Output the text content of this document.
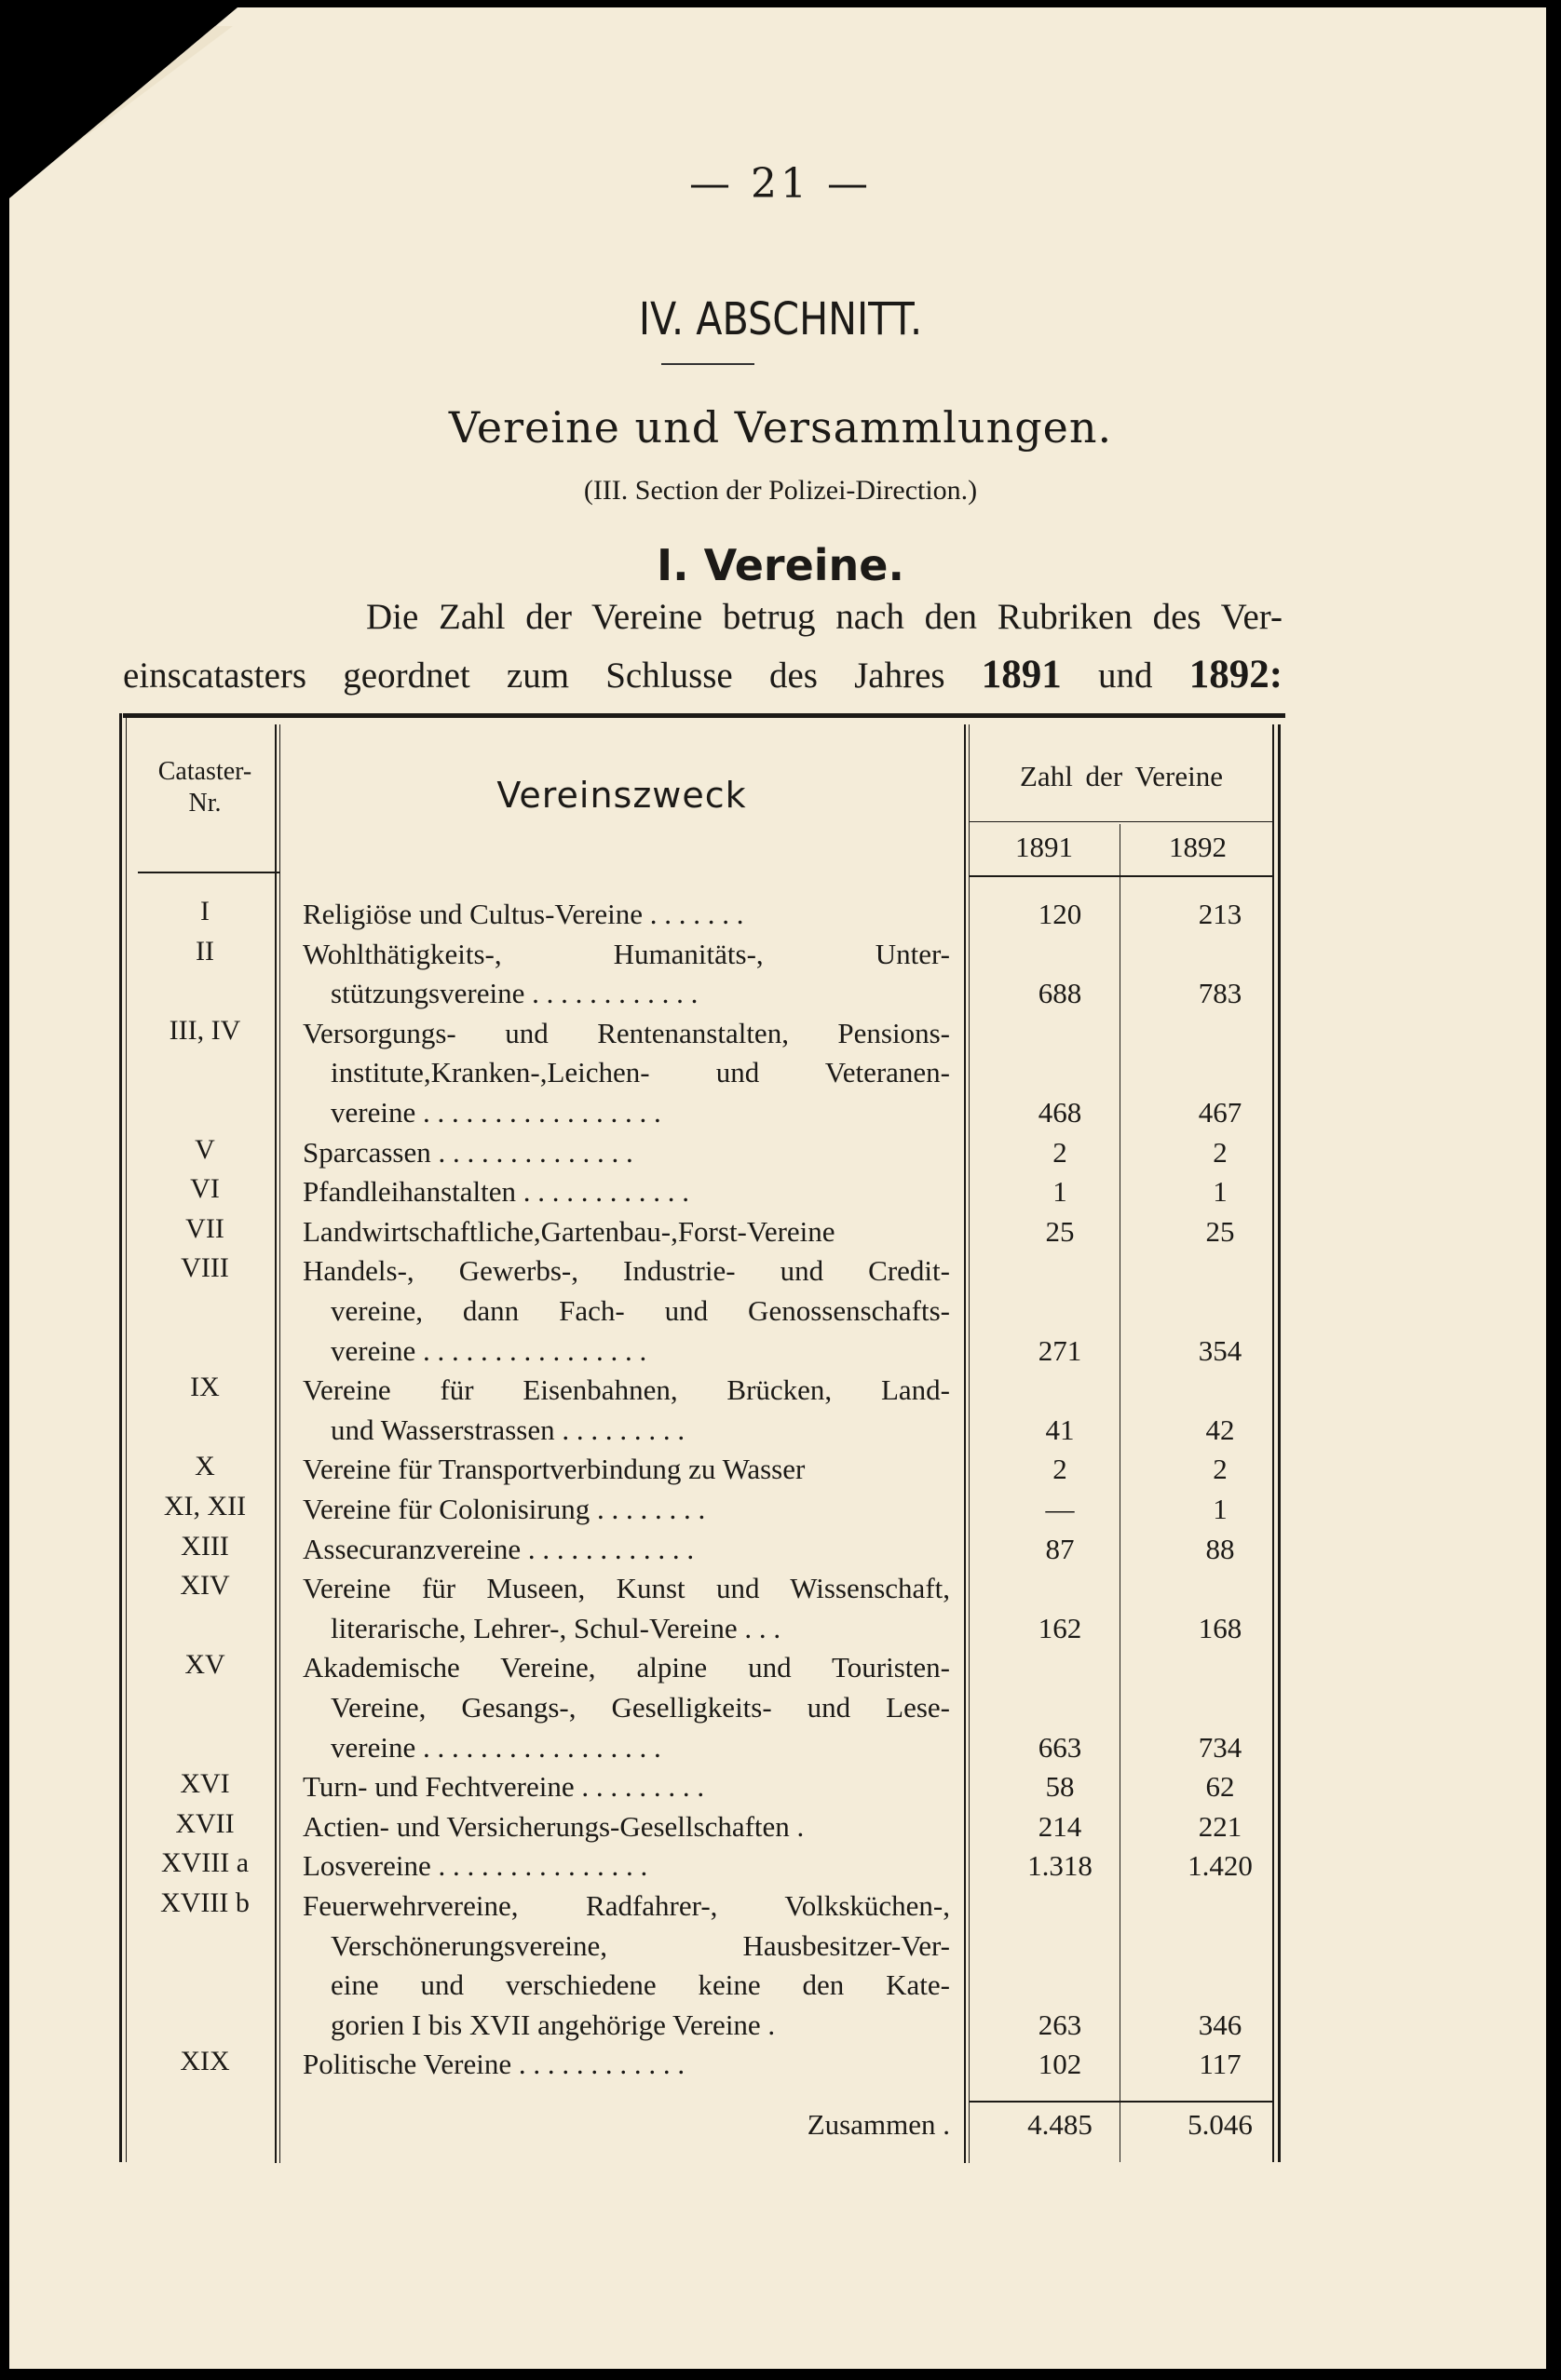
— 21 —
IV. ABSCHNITT.
Vereine und Versammlungen.
(III. Section der Polizei-Direction.)
I. Vereine.
Die Zahl der Vereine betrug nach den Rubriken des Ver-
einscatasters geordnet zum Schlusse des Jahres 1891 und 1892:
Cataster-
Nr.	Vereinszweck	Zahl der Vereine
1891	1892
I	Religiöse und Cultus-Vereine . . . . . . .	120	213
II	Wohlthätigkeits-, Humanitäts-, Unter-
stützungsvereine . . . . . . . . . . . .	688	783
III, IV	Versorgungs- und Rentenanstalten, Pensions-
institute,Kranken-,Leichen- und Veteranen-
vereine . . . . . . . . . . . . . . . . .	468	467
V	Sparcassen . . . . . . . . . . . . . .	2	2
VI	Pfandleihanstalten . . . . . . . . . . . .	1	1
VII	Landwirtschaftliche,Gartenbau-,Forst-Vereine	25	25
VIII	Handels-, Gewerbs-, Industrie- und Credit-
vereine, dann Fach- und Genossenschafts-
vereine . . . . . . . . . . . . . . . .	271	354
IX	Vereine für Eisenbahnen, Brücken, Land-
und Wasserstrassen . . . . . . . . .	41	42
X	Vereine für Transportverbindung zu Wasser	2	2
XI, XII	Vereine für Colonisirung . . . . . . . .	—	1
XIII	Assecuranzvereine . . . . . . . . . . . .	87	88
XIV	Vereine für Museen, Kunst und Wissenschaft,
literarische, Lehrer-, Schul-Vereine . . .	162	168
XV	Akademische Vereine, alpine und Touristen-
Vereine, Gesangs-, Geselligkeits- und Lese-
vereine . . . . . . . . . . . . . . . . .	663	734
XVI	Turn- und Fechtvereine . . . . . . . . .	58	62
XVII	Actien- und Versicherungs-Gesellschaften .	214	221
XVIII a	Losvereine . . . . . . . . . . . . . . .	1.318	1.420
XVIII b	Feuerwehrvereine, Radfahrer-, Volksküchen-,
Verschönerungsvereine, Hausbesitzer-Ver-
eine und verschiedene keine den Kate-
gorien I bis XVII angehörige Vereine .	263	346
XIX	Politische Vereine . . . . . . . . . . . .	102	117
Zusammen .	4.485	5.046
